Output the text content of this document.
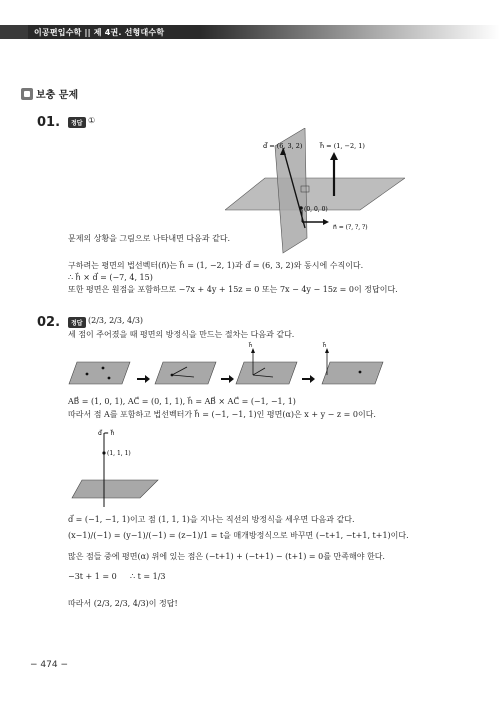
이공편입수학 || 제 4권. 선형대수학
보충 문제
01.	정답 ①
d⃗ = (6, 3, 2)	h⃗ = (1, −2, 1)
(0, 0, 0)
n⃗ = (?, ?, ?)
문제의 상황을 그림으로 나타내면 다음과 같다.
구하려는 평면의 법선벡터(n⃗)는 h⃗ = (1, −2, 1)과 d⃗ = (6, 3, 2)와 동시에 수직이다.
∴ h⃗ × d⃗ = (−7, 4, 15)
또한 평면은 원점을 포함하므로 −7x + 4y + 15z = 0 또는 7x − 4y − 15z = 0이 정답이다.
02.	정답 (2/3, 2/3, 4/3)
세 점이 주어졌을 때 평면의 방정식을 만드는 절차는 다음과 같다.
h⃗	h⃗
AB⃗ = (1, 0, 1), AC⃗ = (0, 1, 1), h⃗ = AB⃗ × AC⃗ = (−1, −1, 1)
따라서 점 A를 포함하고 법선벡터가 h⃗ = (−1, −1, 1)인 평면(α)은 x + y − z = 0이다.
d⃗ = h⃗
(1, 1, 1)
d⃗ = (−1, −1, 1)이고 점 (1, 1, 1)을 지나는 직선의 방정식을 세우면 다음과 같다.
(x−1)/(−1) = (y−1)/(−1) = (z−1)/1 = t을 매개방정식으로 바꾸면 (−t+1, −t+1, t+1)이다.
많은 점들 중에 평면(α) 위에 있는 점은 (−t+1) + (−t+1) − (t+1) = 0를 만족해야 한다.
−3t + 1 = 0 ∴ t = 1/3
따라서 (2/3, 2/3, 4/3)이 정답!
− 474 −
